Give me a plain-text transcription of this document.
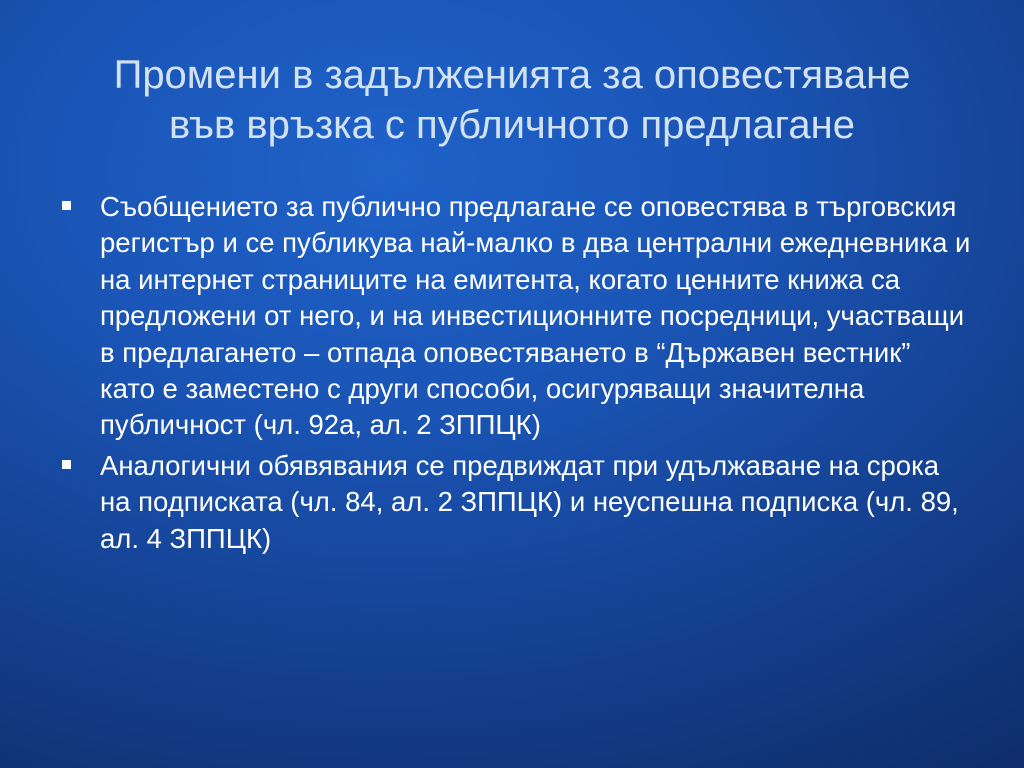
Промени в задълженията за оповестяване
във връзка с публичното предлагане
Съобщението за публично предлагане се оповестява в търговския регистър и се публикува най-малко в два централни ежедневника и на интернет страниците на емитента, когато ценните книжа са предложени от него, и на инвестиционните посредници, участващи в предлагането – отпада оповестяването в “Държавен вестник” като е заместено с други способи, осигуряващи значителна публичност (чл. 92а, ал. 2 ЗППЦК)
Аналогични обявявания се предвиждат при удължаване на срока на подписката (чл. 84, ал. 2 ЗППЦК) и неуспешна подписка (чл. 89, ал. 4 ЗППЦК)
